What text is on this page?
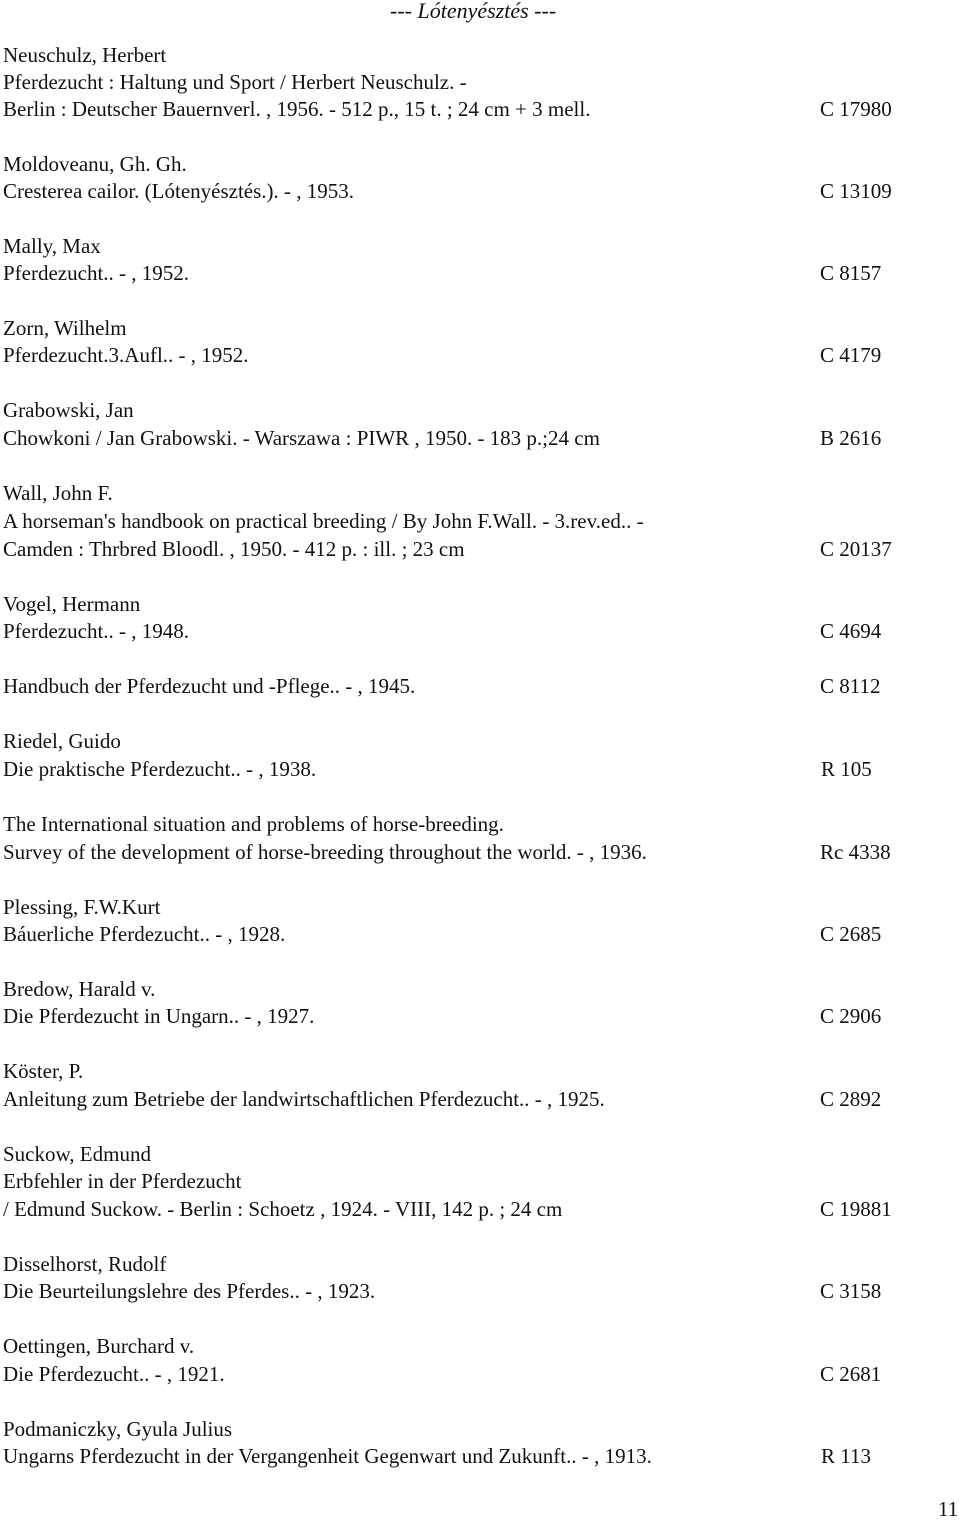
--- Lótenyésztés ---
Neuschulz, Herbert
Pferdezucht : Haltung und Sport / Herbert Neuschulz. -
Berlin : Deutscher Bauernverl. , 1956. - 512 p., 15 t. ; 24 cm + 3 mell.	C 17980
Moldoveanu, Gh. Gh.
Cresterea cailor. (Lótenyésztés.). - , 1953.	C 13109
Mally, Max
Pferdezucht.. - , 1952.	C 8157
Zorn, Wilhelm
Pferdezucht.3.Aufl.. - , 1952.	C 4179
Grabowski, Jan
Chowkoni / Jan Grabowski. - Warszawa : PIWR , 1950. - 183 p.;24 cm	B 2616
Wall, John F.
A horseman's handbook on practical breeding / By John F.Wall. - 3.rev.ed.. -
Camden : Thrbred Bloodl. , 1950. - 412 p. : ill. ; 23 cm	C 20137
Vogel, Hermann
Pferdezucht.. - , 1948.	C 4694
Handbuch der Pferdezucht und -Pflege.. - , 1945.	C 8112
Riedel, Guido
Die praktische Pferdezucht.. - , 1938.	R 105
The International situation and problems of horse-breeding.
Survey of the development of horse-breeding throughout the world. - , 1936.	Rc 4338
Plessing, F.W.Kurt
Báuerliche Pferdezucht.. - , 1928.	C 2685
Bredow, Harald v.
Die Pferdezucht in Ungarn.. - , 1927.	C 2906
Köster, P.
Anleitung zum Betriebe der landwirtschaftlichen Pferdezucht.. - , 1925.	C 2892
Suckow, Edmund
Erbfehler in der Pferdezucht
/ Edmund Suckow. - Berlin : Schoetz , 1924. - VIII, 142 p. ; 24 cm	C 19881
Disselhorst, Rudolf
Die Beurteilungslehre des Pferdes.. - , 1923.	C 3158
Oettingen, Burchard v.
Die Pferdezucht.. - , 1921.	C 2681
Podmaniczky, Gyula Julius
Ungarns Pferdezucht in der Vergangenheit Gegenwart und Zukunft.. - , 1913.	R 113
11
